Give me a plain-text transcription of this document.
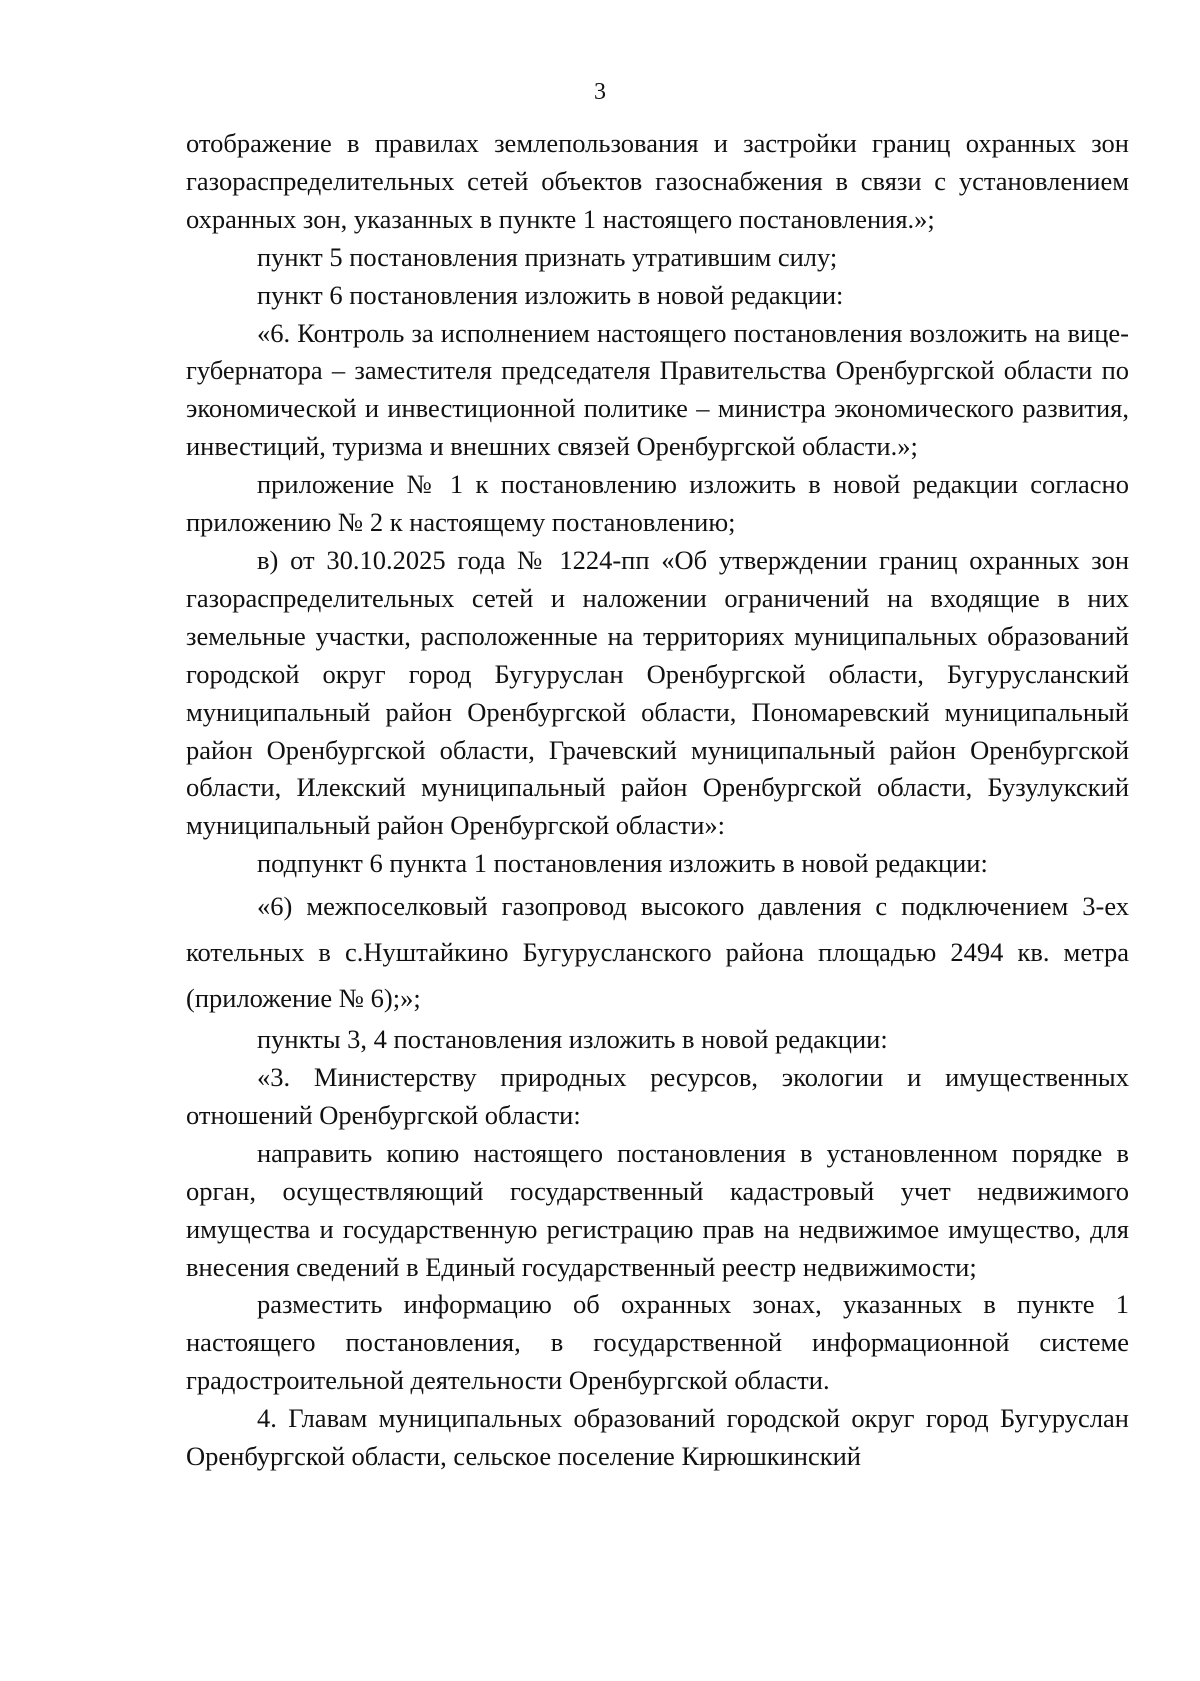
3

отображение в правилах землепользования и застройки границ охранных зон газораспределительных сетей объектов газоснабжения в связи с установлением охранных зон, указанных в пункте 1 настоящего постановления.»;

пункт 5 постановления признать утратившим силу;

пункт 6 постановления изложить в новой редакции:

«6. Контроль за исполнением настоящего постановления возложить на вице-губернатора – заместителя председателя Правительства Оренбургской области по экономической и инвестиционной политике – министра экономического развития, инвестиций, туризма и внешних связей Оренбургской области.»;

приложение № 1 к постановлению изложить в новой редакции согласно приложению № 2 к настоящему постановлению;

в) от 30.10.2025 года № 1224-пп «Об утверждении границ охранных зон газораспределительных сетей и наложении ограничений на входящие в них земельные участки, расположенные на территориях муниципальных образований городской округ город Бугуруслан Оренбургской области, Бугурусланский муниципальный район Оренбургской области, Пономаревский муниципальный район Оренбургской области, Грачевский муниципальный район Оренбургской области, Илекский муниципальный район Оренбургской области, Бузулукский муниципальный район Оренбургской области»:

подпункт 6 пункта 1 постановления изложить в новой редакции:

«6) межпоселковый газопровод высокого давления с подключением 3-ех котельных в с.Нуштайкино Бугурусланского района площадью 2494 кв. метра (приложение № 6);»;

пункты 3, 4 постановления изложить в новой редакции:

«3. Министерству природных ресурсов, экологии и имущественных отношений Оренбургской области:

направить копию настоящего постановления в установленном порядке в орган, осуществляющий государственный кадастровый учет недвижимого имущества и государственную регистрацию прав на недвижимое имущество, для внесения сведений в Единый государственный реестр недвижимости;

разместить информацию об охранных зонах, указанных в пункте 1 настоящего постановления, в государственной информационной системе градостроительной деятельности Оренбургской области.

4. Главам муниципальных образований городской округ город Бугуруслан Оренбургской области, сельское поселение Кирюшкинский
